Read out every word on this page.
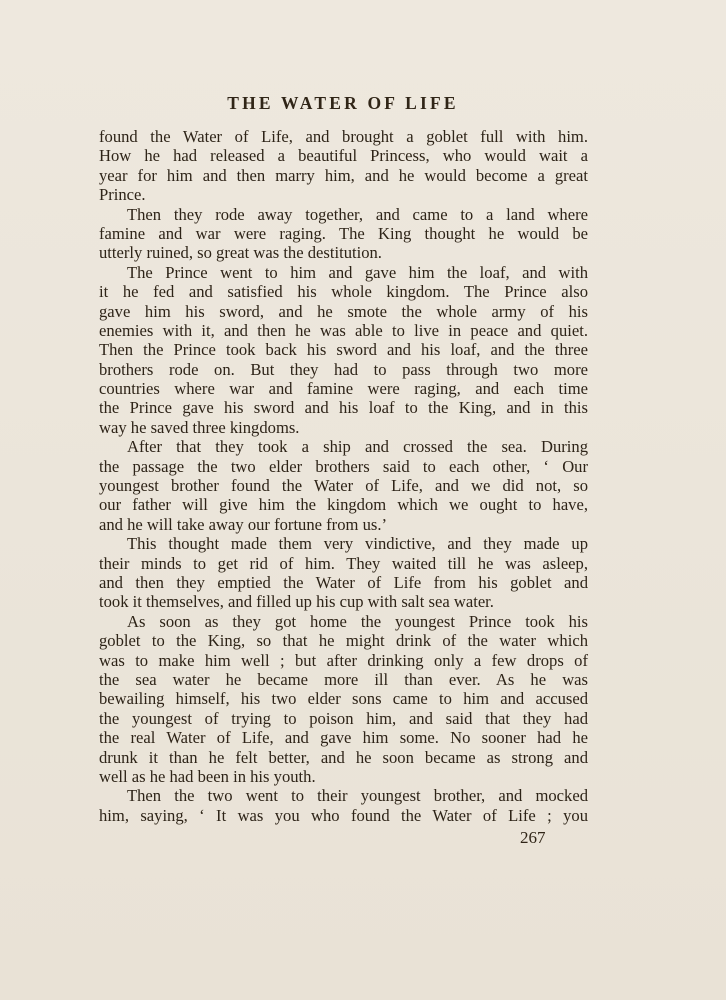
THE WATER OF LIFE
found the Water of Life, and brought a goblet full with him.
How he had released a beautiful Princess, who would wait a
year for him and then marry him, and he would become a great
Prince.
Then they rode away together, and came to a land where
famine and war were raging. The King thought he would be
utterly ruined, so great was the destitution.
The Prince went to him and gave him the loaf, and with
it he fed and satisfied his whole kingdom. The Prince also
gave him his sword, and he smote the whole army of his
enemies with it, and then he was able to live in peace and quiet.
Then the Prince took back his sword and his loaf, and the three
brothers rode on. But they had to pass through two more
countries where war and famine were raging, and each time
the Prince gave his sword and his loaf to the King, and in this
way he saved three kingdoms.
After that they took a ship and crossed the sea. During
the passage the two elder brothers said to each other, ‘ Our
youngest brother found the Water of Life, and we did not, so
our father will give him the kingdom which we ought to have,
and he will take away our fortune from us.’
This thought made them very vindictive, and they made up
their minds to get rid of him. They waited till he was asleep,
and then they emptied the Water of Life from his goblet and
took it themselves, and filled up his cup with salt sea water.
As soon as they got home the youngest Prince took his
goblet to the King, so that he might drink of the water which
was to make him well ; but after drinking only a few drops of
the sea water he became more ill than ever. As he was
bewailing himself, his two elder sons came to him and accused
the youngest of trying to poison him, and said that they had
the real Water of Life, and gave him some. No sooner had he
drunk it than he felt better, and he soon became as strong and
well as he had been in his youth.
Then the two went to their youngest brother, and mocked
him, saying, ‘ It was you who found the Water of Life ; you
267
